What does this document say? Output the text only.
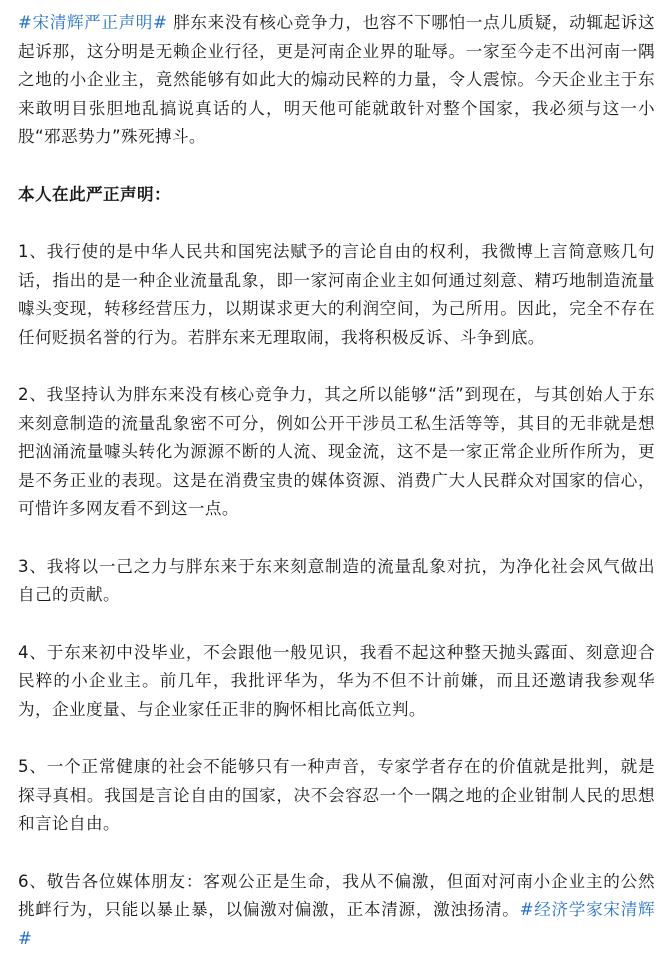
#宋清辉严正声明# 胖东来没有核心竞争力，也容不下哪怕一点儿质疑，动辄起诉这起诉那，这分明是无赖企业行径，更是河南企业界的耻辱。一家至今走不出河南一隅之地的小企业主，竟然能够有如此大的煽动民粹的力量，令人震惊。今天企业主于东来敢明目张胆地乱搞说真话的人，明天他可能就敢针对整个国家，我必须与这一小股“邪恶势力”殊死搏斗。

本人在此严正声明：

1、我行使的是中华人民共和国宪法赋予的言论自由的权利，我微博上言简意赅几句话，指出的是一种企业流量乱象，即一家河南企业主如何通过刻意、精巧地制造流量噱头变现，转移经营压力，以期谋求更大的利润空间，为己所用。因此，完全不存在任何贬损名誉的行为。若胖东来无理取闹，我将积极反诉、斗争到底。

2、我坚持认为胖东来没有核心竞争力，其之所以能够“活”到现在，与其创始人于东来刻意制造的流量乱象密不可分，例如公开干涉员工私生活等等，其目的无非就是想把汹涌流量噱头转化为源源不断的人流、现金流，这不是一家正常企业所作所为，更是不务正业的表现。这是在消费宝贵的媒体资源、消费广大人民群众对国家的信心，可惜许多网友看不到这一点。

3、我将以一己之力与胖东来于东来刻意制造的流量乱象对抗，为净化社会风气做出自己的贡献。

4、于东来初中没毕业，不会跟他一般见识，我看不起这种整天抛头露面、刻意迎合民粹的小企业主。前几年，我批评华为，华为不但不计前嫌，而且还邀请我参观华为，企业度量、与企业家任正非的胸怀相比高低立判。

5、一个正常健康的社会不能够只有一种声音，专家学者存在的价值就是批判，就是探寻真相。我国是言论自由的国家，决不会容忍一个一隅之地的企业钳制人民的思想和言论自由。

6、敬告各位媒体朋友：客观公正是生命，我从不偏激，但面对河南小企业主的公然挑衅行为，只能以暴止暴，以偏激对偏激，正本清源，激浊扬清。#经济学家宋清辉#
